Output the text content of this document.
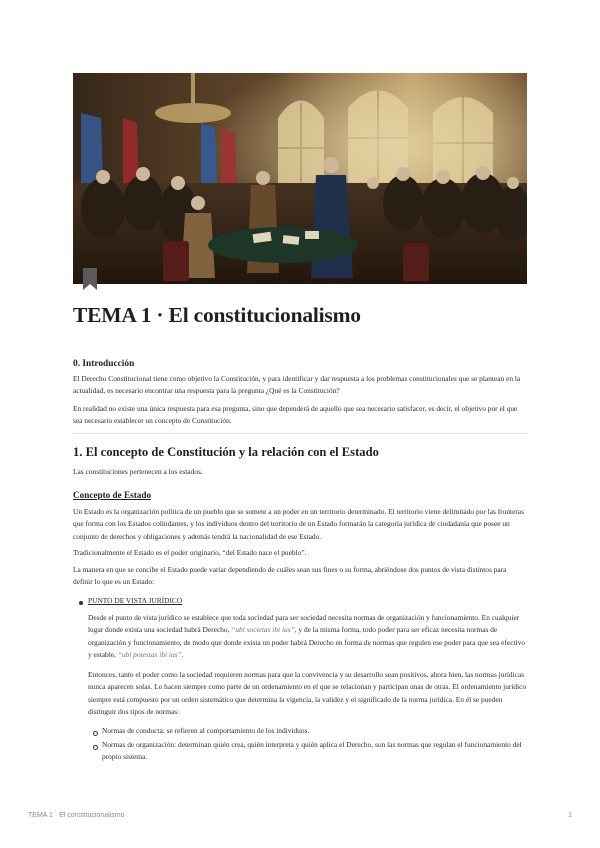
TEMA 1 · El constitucionalismo
0. Introducción

El Derecho Constitucional tiene como objetivo la Constitución, y para identificar y dar respuesta a los problemas constitucionales que se plantean en la actualidad, es necesario encontrar una respuesta para la pregunta ¿Qué es la Constitución?

En realidad no existe una única respuesta para esa pregunta, sino que dependerá de aquello que sea necesario satisfacer, es decir, el objetivo por el que sea necesario establecer un concepto de Constitución.

1. El concepto de Constitución y la relación con el Estado

Las constituciones pertenecen a los estados.

Concepto de Estado

Un Estado es la organización política de un pueblo que se somete a un poder en un territorio determinado. El territorio viene delimitado por las fronteras que forma con los Estados colindantes, y los individuos dentro del territorio de un Estado formarán la categoría jurídica de ciudadanía que posee un conjunto de derechos y obligaciones y además tendrá la nacionalidad de ese Estado.

Tradicionalmente el Estado es el poder originario, “del Estado nace el pueblo”.

La manera en que se concibe el Estado puede variar dependiendo de cuáles sean sus fines o su forma, abriéndose dos puntos de vista distintos para definir lo que es un Estado:

PUNTO DE VISTA JURÍDICO

Desde el punto de vista jurídico se establece que toda sociedad para ser sociedad necesita normas de organización y funcionamiento. En cualquier lugar donde exista una sociedad habrá Derecho, “ubi societas ibi ius”, y de la misma forma, todo poder para ser eficaz necesita normas de organización y funcionamiento, de modo que donde exista un poder habrá Derecho en forma de normas que regulen ese poder para que sea efectivo y estable, “ubi potestas ibi ius”.

Entonces, tanto el poder como la sociedad requieren normas para que la convivencia y su desarrollo sean positivos, ahora bien, las normas jurídicas nunca aparecen solas. Lo hacen siempre como parte de un ordenamiento en el que se relacionan y participan unas de otras. El ordenamiento jurídico siempre está compuesto por un orden sistemático que determina la vigencia, la validez y el significado de la norma jurídica. En él se pueden distinguir dos tipos de normas:

Normas de conducta: se refieren al comportamiento de los individuos.

Normas de organización: determinan quién crea, quién interpreta y quién aplica el Derecho, son las normas que regulan el funcionamiento del propio sistema.

TEMA 1 · El constitucionalismo	1
